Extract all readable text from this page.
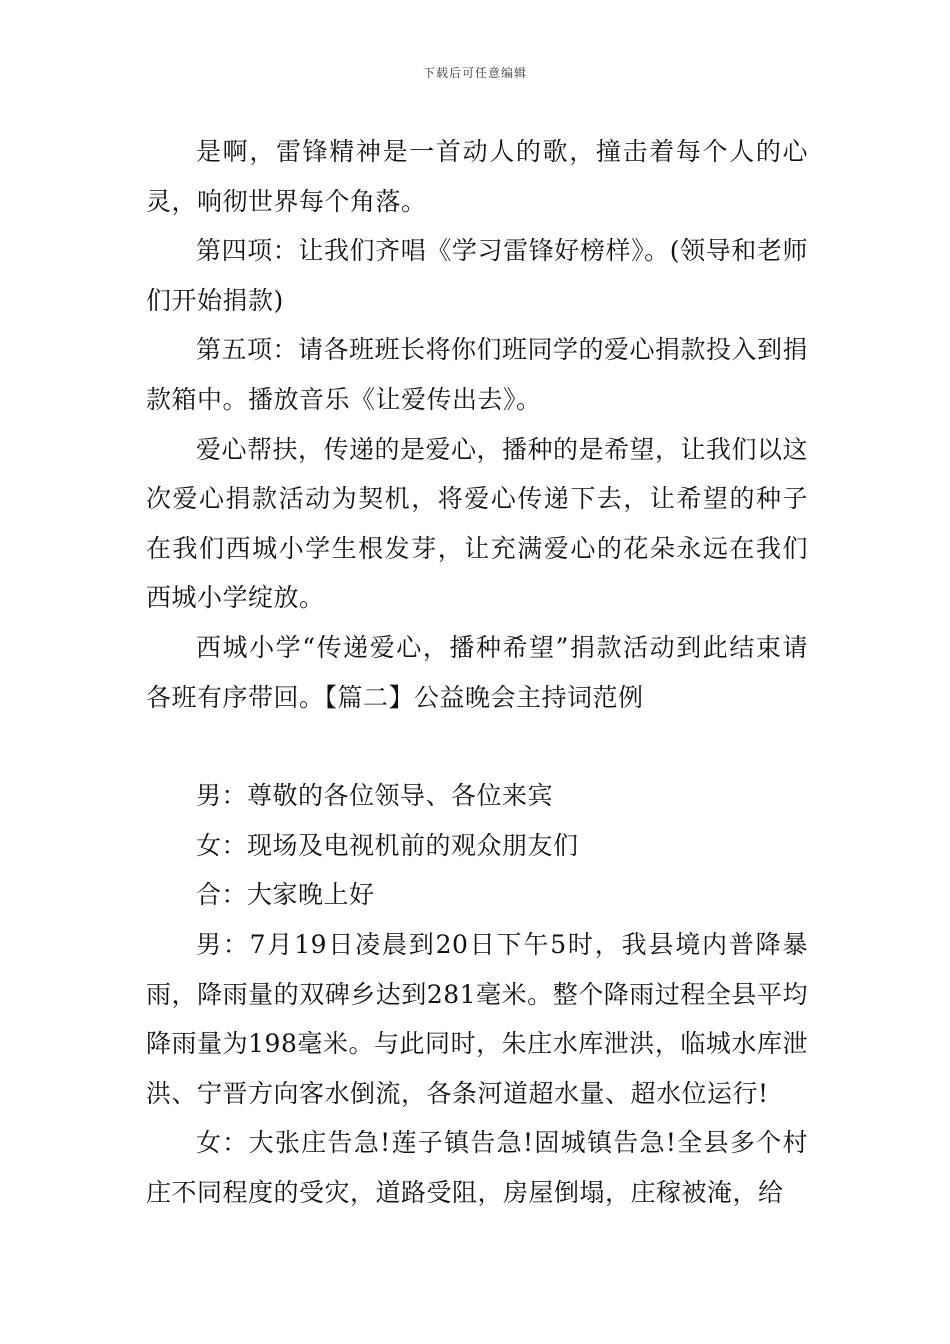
下载后可任意编辑

是啊，雷锋精神是一首动人的歌，撞击着每个人的心灵，响彻世界每个角落。

第四项：让我们齐唱《学习雷锋好榜样》。(领导和老师们开始捐款)

第五项：请各班班长将你们班同学的爱心捐款投入到捐款箱中。播放音乐《让爱传出去》。

爱心帮扶，传递的是爱心，播种的是希望，让我们以这次爱心捐款活动为契机，将爱心传递下去，让希望的种子在我们西城小学生根发芽，让充满爱心的花朵永远在我们西城小学绽放。

西城小学“传递爱心，播种希望”捐款活动到此结束请各班有序带回。【篇二】公益晚会主持词范例

男：尊敬的各位领导、各位来宾

女：现场及电视机前的观众朋友们

合：大家晚上好

男：7月19日凌晨到20日下午5时，我县境内普降暴雨，降雨量的双碑乡达到281毫米。整个降雨过程全县平均降雨量为198毫米。与此同时，朱庄水库泄洪，临城水库泄洪、宁晋方向客水倒流，各条河道超水量、超水位运行!

女：大张庄告急!莲子镇告急!固城镇告急!全县多个村庄不同程度的受灾，道路受阻，房屋倒塌，庄稼被淹，给
